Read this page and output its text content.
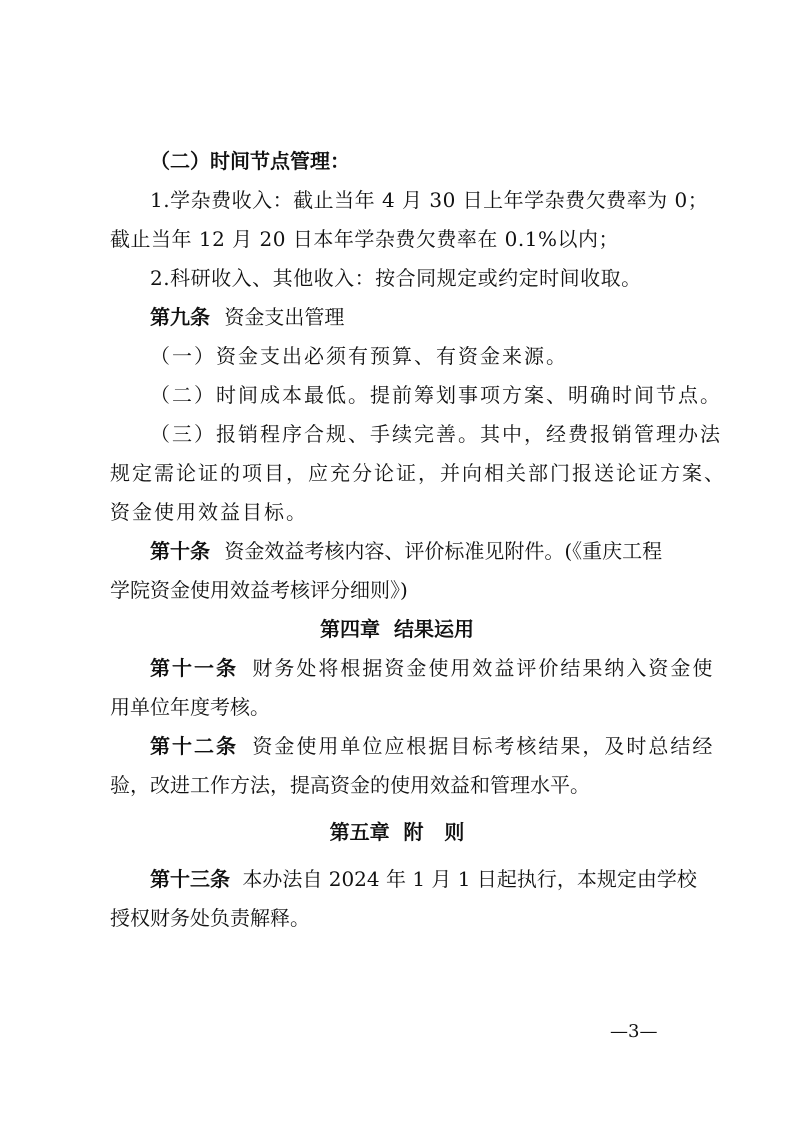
（二）时间节点管理：
1.学杂费收入：截止当年 4 月 30 日上年学杂费欠费率为 0；
截止当年 12 月 20 日本年学杂费欠费率在 0.1%以内；
2.科研收入、其他收入：按合同规定或约定时间收取。
第九条 资金支出管理
（一）资金支出必须有预算、有资金来源。
（二）时间成本最低。提前筹划事项方案、明确时间节点。
（三）报销程序合规、手续完善。其中，经费报销管理办法
规定需论证的项目，应充分论证，并向相关部门报送论证方案、
资金使用效益目标。
第十条 资金效益考核内容、评价标准见附件。(《重庆工程
学院资金使用效益考核评分细则》)
第四章  结果运用
第十一条 财务处将根据资金使用效益评价结果纳入资金使
用单位年度考核。
第十二条 资金使用单位应根据目标考核结果，及时总结经
验，改进工作方法，提高资金的使用效益和管理水平。
第五章  附   则
第十三条 本办法自 2024 年 1 月 1 日起执行，本规定由学校
授权财务处负责解释。
—3—
